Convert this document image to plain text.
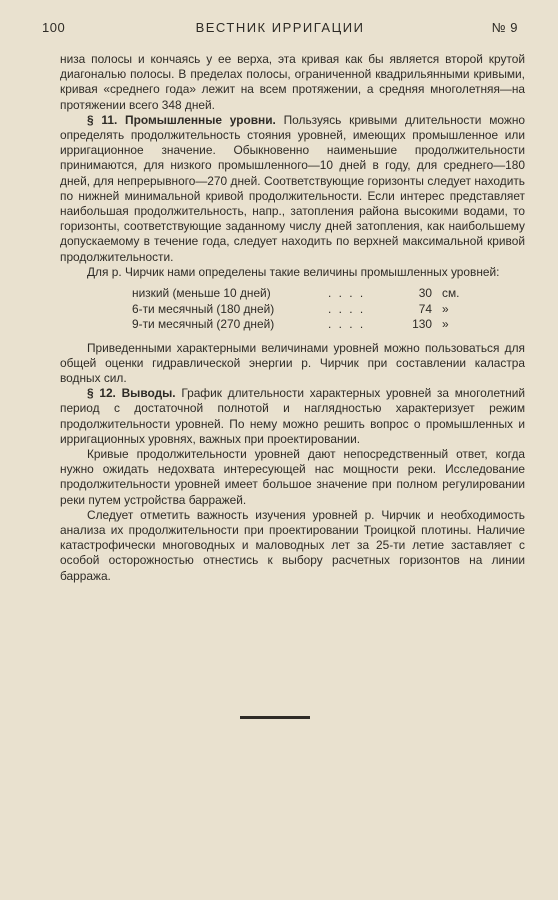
100	ВЕСТНИК ИРРИГАЦИИ	№ 9

низа полосы и кончаясь у ее верха, эта кривая как бы является второй крутой диагональю полосы. В пределах полосы, ограниченной квадрильянными кривыми, кривая «среднего года» лежит на всем протяжении, а средняя многолетняя—на протяжении всего 348 дней.

§ 11. Промышленные уровни. Пользуясь кривыми длительности можно определять продолжительность стояния уровней, имеющих промышленное или ирригационное значение. Обыкновенно наименьшие продолжительности принимаются, для низкого промышленного—10 дней в году, для среднего—180 дней, для непрерывного—270 дней. Соответствующие горизонты следует находить по нижней минимальной кривой продолжительности. Если интерес представляет наибольшая продолжительность, напр., затопления района высокими водами, то горизонты, соответствующие заданному числу дней затопления, как наибольшему допускаемому в течение года, следует находить по верхней максимальной кривой продолжительности.

Для р. Чирчик нами определены такие величины промышленных уровней:

низкий (меньше 10 дней)	. . . .	30 см.
6-ти месячный (180 дней)	. . . .	74 »
9-ти месячный (270 дней)	. . . .	130 »

Приведенными характерными величинами уровней можно пользоваться для общей оценки гидравлической энергии р. Чирчик при составлении каластра водных сил.

§ 12. Выводы. График длительности характерных уровней за многолетний период с достаточной полнотой и наглядностью характеризует режим продолжительности уровней. По нему можно решить вопрос о промышленных и ирригационных уровнях, важных при проектировании.

Кривые продолжительности уровней дают непосредственный ответ, когда нужно ожидать недохвата интересующей нас мощности реки. Исследование продолжительности уровней имеет большое значение при полном регулировании реки путем устройства барражей.

Следует отметить важность изучения уровней р. Чирчик и необходимость анализа их продолжительности при проектировании Троицкой плотины. Наличие катастрофически многоводных и маловодных лет за 25-ти летие заставляет с особой осторожностью отнестись к выбору расчетных горизонтов на линии барража.
